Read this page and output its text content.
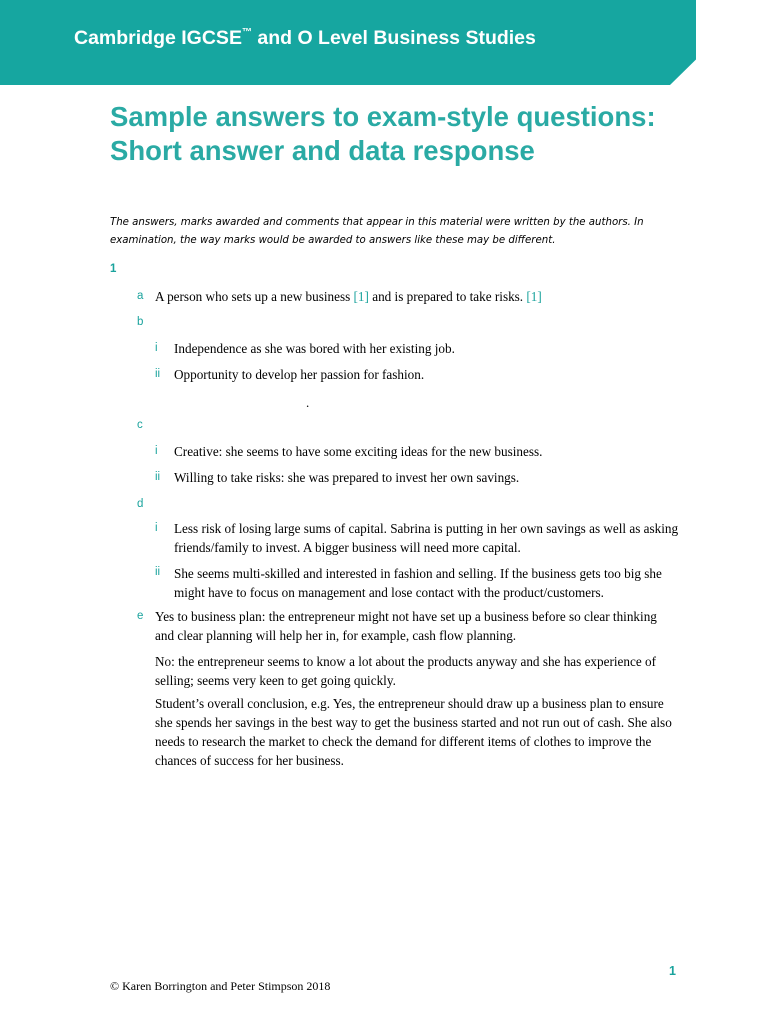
Cambridge IGCSE™ and O Level Business Studies
Sample answers to exam-style questions: Short answer and data response
The answers, marks awarded and comments that appear in this material were written by the authors. In examination, the way marks would be awarded to answers like these may be different.
1
a A person who sets up a new business [1] and is prepared to take risks. [1]
b
i Independence as she was bored with her existing job.
ii Opportunity to develop her passion for fashion.
.
c
i Creative: she seems to have some exciting ideas for the new business.
ii Willing to take risks: she was prepared to invest her own savings.
d
i Less risk of losing large sums of capital. Sabrina is putting in her own savings as well as asking friends/family to invest. A bigger business will need more capital.
ii She seems multi-skilled and interested in fashion and selling. If the business gets too big she might have to focus on management and lose contact with the product/customers.
e Yes to business plan: the entrepreneur might not have set up a business before so clear thinking and clear planning will help her in, for example, cash flow planning.
No: the entrepreneur seems to know a lot about the products anyway and she has experience of selling; seems very keen to get going quickly.
Student’s overall conclusion, e.g. Yes, the entrepreneur should draw up a business plan to ensure she spends her savings in the best way to get the business started and not run out of cash. She also needs to research the market to check the demand for different items of clothes to improve the chances of success for her business.
© Karen Borrington and Peter Stimpson 2018
1
